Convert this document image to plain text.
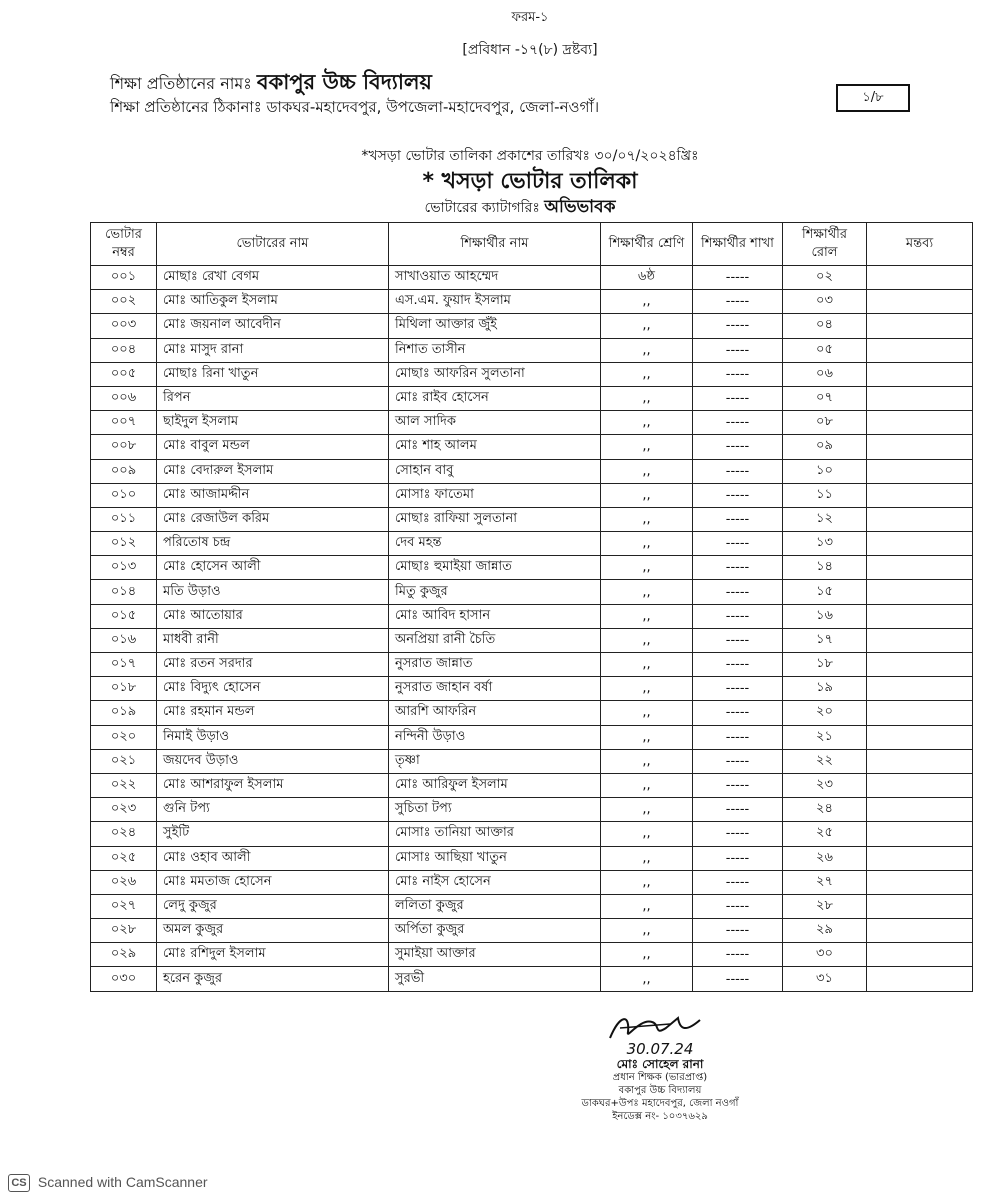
ফরম-১
[প্রবিধান -১৭(৮) দ্রষ্টব্য]
শিক্ষা প্রতিষ্ঠানের নামঃ বকাপুর উচ্চ বিদ্যালয়
শিক্ষা প্রতিষ্ঠানের ঠিকানাঃ ডাকঘর-মহাদেবপুর, উপজেলা-মহাদেবপুর, জেলা-নওগাঁ।
১/৮
*খসড়া ভোটার তালিকা প্রকাশের তারিখঃ ৩০/০৭/২০২৪খ্রিঃ
* খসড়া ভোটার তালিকা
ভোটারের ক্যাটাগরিঃ অভিভাবক
ভোটার নম্বর	ভোটারের নাম	শিক্ষার্থীর নাম	শিক্ষার্থীর শ্রেণি	শিক্ষার্থীর শাখা	শিক্ষার্থীর রোল	মন্তব্য
০০১	মোছাঃ রেখা বেগম	সাখাওয়াত আহম্মেদ	৬ষ্ঠ	-----	০২	
০০২	মোঃ আতিকুল ইসলাম	এস.এম. ফুয়াদ ইসলাম	,,	-----	০৩	
০০৩	মোঃ জয়নাল আবেদীন	মিথিলা আক্তার জুঁই	,,	-----	০৪	
০০৪	মোঃ মাসুদ রানা	নিশাত তাসীন	,,	-----	০৫	
০০৫	মোছাঃ রিনা খাতুন	মোছাঃ আফরিন সুলতানা	,,	-----	০৬	
০০৬	রিপন	মোঃ রাইব হোসেন	,,	-----	০৭	
০০৭	ছাইদুল ইসলাম	আল সাদিক	,,	-----	০৮	
০০৮	মোঃ বাবুল মন্ডল	মোঃ শাহ আলম	,,	-----	০৯	
০০৯	মোঃ বেদারুল ইসলাম	সোহান বাবু	,,	-----	১০	
০১০	মোঃ আজামদ্দীন	মোসাঃ ফাতেমা	,,	-----	১১	
০১১	মোঃ রেজাউল করিম	মোছাঃ রাফিয়া সুলতানা	,,	-----	১২	
০১২	পরিতোষ চন্দ্র	দেব মহন্ত	,,	-----	১৩	
০১৩	মোঃ হোসেন আলী	মোছাঃ হুমাইয়া জান্নাত	,,	-----	১৪	
০১৪	মতি উড়াও	মিতু কুজুর	,,	-----	১৫	
০১৫	মোঃ আতোয়ার	মোঃ আবিদ হাসান	,,	-----	১৬	
০১৬	মাধবী রানী	অনপ্রিয়া রানী চৈতি	,,	-----	১৭	
০১৭	মোঃ রতন সরদার	নুসরাত জান্নাত	,,	-----	১৮	
০১৮	মোঃ বিদ্যুৎ হোসেন	নুসরাত জাহান বর্ষা	,,	-----	১৯	
০১৯	মোঃ রহমান মন্ডল	আরশি আফরিন	,,	-----	২০	
০২০	নিমাই উড়াও	নন্দিনী উড়াও	,,	-----	২১	
০২১	জয়দেব উড়াও	তৃষ্ণা	,,	-----	২২	
০২২	মোঃ আশরাফুল ইসলাম	মোঃ আরিফুল ইসলাম	,,	-----	২৩	
০২৩	গুনি টপ্য	সুচিতা টপ্য	,,	-----	২৪	
০২৪	সুইটি	মোসাঃ তানিয়া আক্তার	,,	-----	২৫	
০২৫	মোঃ ওহাব আলী	মোসাঃ আছিয়া খাতুন	,,	-----	২৬	
০২৬	মোঃ মমতাজ হোসেন	মোঃ নাইস হোসেন	,,	-----	২৭	
০২৭	লেদু কুজুর	ললিতা কুজুর	,,	-----	২৮	
০২৮	অমল কুজুর	অর্পিতা কুজুর	,,	-----	২৯	
০২৯	মোঃ রশিদুল ইসলাম	সুমাইয়া আক্তার	,,	-----	৩০	
০৩০	হরেন কুজুর	সুরভী	,,	-----	৩১	
30.07.24
মোঃ সোহেল রানা
প্রধান শিক্ষক (ভারপ্রাপ্ত)
বকাপুর উচ্চ বিদ্যালয়
ডাকঘর+উপঃ মহাদেবপুর, জেলা নওগাঁ
ইনডেক্স নং- ১০৩৭৬২৯
CS Scanned with CamScanner
